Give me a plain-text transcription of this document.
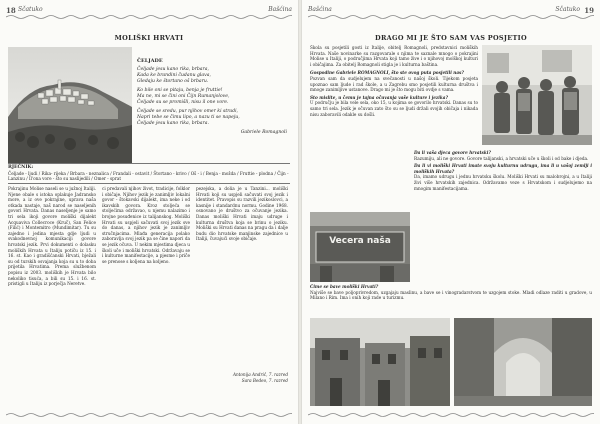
18 Sčatuko	Bašćina
MOLIŠKI HRVATI
ČELJADE

Čeljade jesu kano rika, brbara,
Kada ke brandini čudanu glava,
Gledaju ke štortano oš brbaru.

Ko bile oni se pitaju, benja je fruttie!
Ma ne, mi se čini oni Čijn Rumanjolove,
Čeljade su se promišli, nisu il one vore.

Čeljade se sredu, pur njihov omer ki stradi,
Napri tebe se čimu lipo, a nazu ti se napeju,
Čeljade jesu kano rika, brbara.

Gabriele Romagnoli
RJEČNIK:
Čeljade - ljudi / Rika- rijeka / Brbara - neznalica / Frandali - ostavit / Štortano - krivo / Oš - i / Benja - možda / Fruttie - plodna / Čijn - Lanzinu / Il'ona vore - što su naslijedili / Omer - sprat

Pokrajinu Molise naseli se u južnoj Italiji. Njene obale s istoka oplakuje Jadransko more, a iz ove pokrajine, uprava naša otkada nastaje, naš narod se naseljenih govori Hrvata. Danas naseljenje je samo tri sela ikoji govore moliški dijalekt Acquaviva Collecroce (Kruč), San Felice (Filić) i Montemitro (Mundimitar). Tu su zajedno i jedina mjesta gdje ljudi u svakodnevnoj komunikaciji govore hrvatski jezik. Prvi dokumenti o dolasku moliških Hrvata u Italiju potiču iz 15. i 16. st. Kao i gradišćanski Hrvati, bježali su od turskih osvajanja koja su u to doba prijetila Hrvatima. Prema službenom popisu iz 2003. moliških je Hrvata bilo nekoliko tisuća, a bili su 15. i 16. st. pristigli u Italiju iz porječja Neretve.

ci predavali njihov život, tradicije, folklor i običaje. Njihov jezik je zanimljiv lokalni govor - štokavski dijalekt, ima neke i od ikavskih govora. Kroz stoljeća se stoljećima održavao, u njemu nalazimo i brojne posuđenice iz talijanskog. Moliški Hrvati su uspjeli sačuvati svoj jezik sve do danas, a njihov jezik je zanimljiv stručnjacima. Mlađa generacija polako zaboravlja svoj jezik pa se čine napori da se jezik očuva. U nekim mjestima djeca u školi uče i moliški hrvatski. Održavaju se i kulturne manifestacije, a pjesme i priče se prenose s koljena na koljeno.

pezejska, a dolia je u Tanzini... moliški Hrvati koji su uspjeli sačuvati svoj jezik i identitet. Pravopis su razvili jezikoslovci, a kasnije i standardnu normu. Godine 1968. osnovano je društvo za očuvanje jezika. Danas moliški Hrvati imaju udruge i kulturna društva koja se brinu o jeziku. Moliški su Hrvati danas na pragu da i dalje budu dio hrvatske manjinske zajednice u Italiji, čuvajući svoje običaje.

Antonija Andrić, 7. razred
Sara Bedeo, 7. razred
Bašćina	Sčatuko 19
DRAGO MI JE ŠTO SAM VAS POSJETIO

Škola su posjetili gosti iz Italije, obitelj Romagnoli, predstavnici moliških Hrvata. Naše novinarke su razgovarale s njima te saznale mnogo o pokrajini Molise u Italiji, o područjima Hrvata koji tamo žive i o njihovoj molškoj kulturi i običajima. Za obitelj Romagnoli stigla je i kulturna baština.

Gospodine Gabriele ROMAGNOLI, što ste ovog puta posjetili nas?

Pozvan sam da sudjelujem na svečanosti u našoj školi. Tijekom posjeta upoznao sam ljude i rad škole, a u Zagrebu smo posjetili kulturna društva i mnoge zanimljive ustanove. Drago mi je što mogu biti ovdje s vama.

Sto mislite, u čemu je tajna očuvanja vaše kulture i jezika?

U području je bila vele sela, oko 15, u kojima se govorilo hrvatski. Danas su to samo tri sela. Jezik je očuvan zato što su se ljudi držali svojih običaja i nikada nisu zaboravili odakle su došli.

Vecera naša

Da li vaša djeca govore hrvatski?

Razumiju, ali ne govore. Govore talijanski, a hrvatski uče u školi i od bake i djeda.

Da li vi moliški Hrvati imate svoju kulturnu udrugu, ima li u vašoj zemlji i moliških Hrvata?

Da, imamo udrugu i jednu hrvatsku školu. Moliški Hrvati su malobrojni, a u Italiji živi više hrvatskih zajednica. Održavamo veze s Hrvatskom i sudjelujemo na mnogim manifestacijama.

Čime se bave moliški Hrvati?

Najviše se bave poljoprivredom, uzgajaju maslinu, a bave se i vinogradarstvom te uzgojem stoke. Mladi odlaze raditi u gradove, u Milano i Rim. Ima i onih koji rade u turizmu.
